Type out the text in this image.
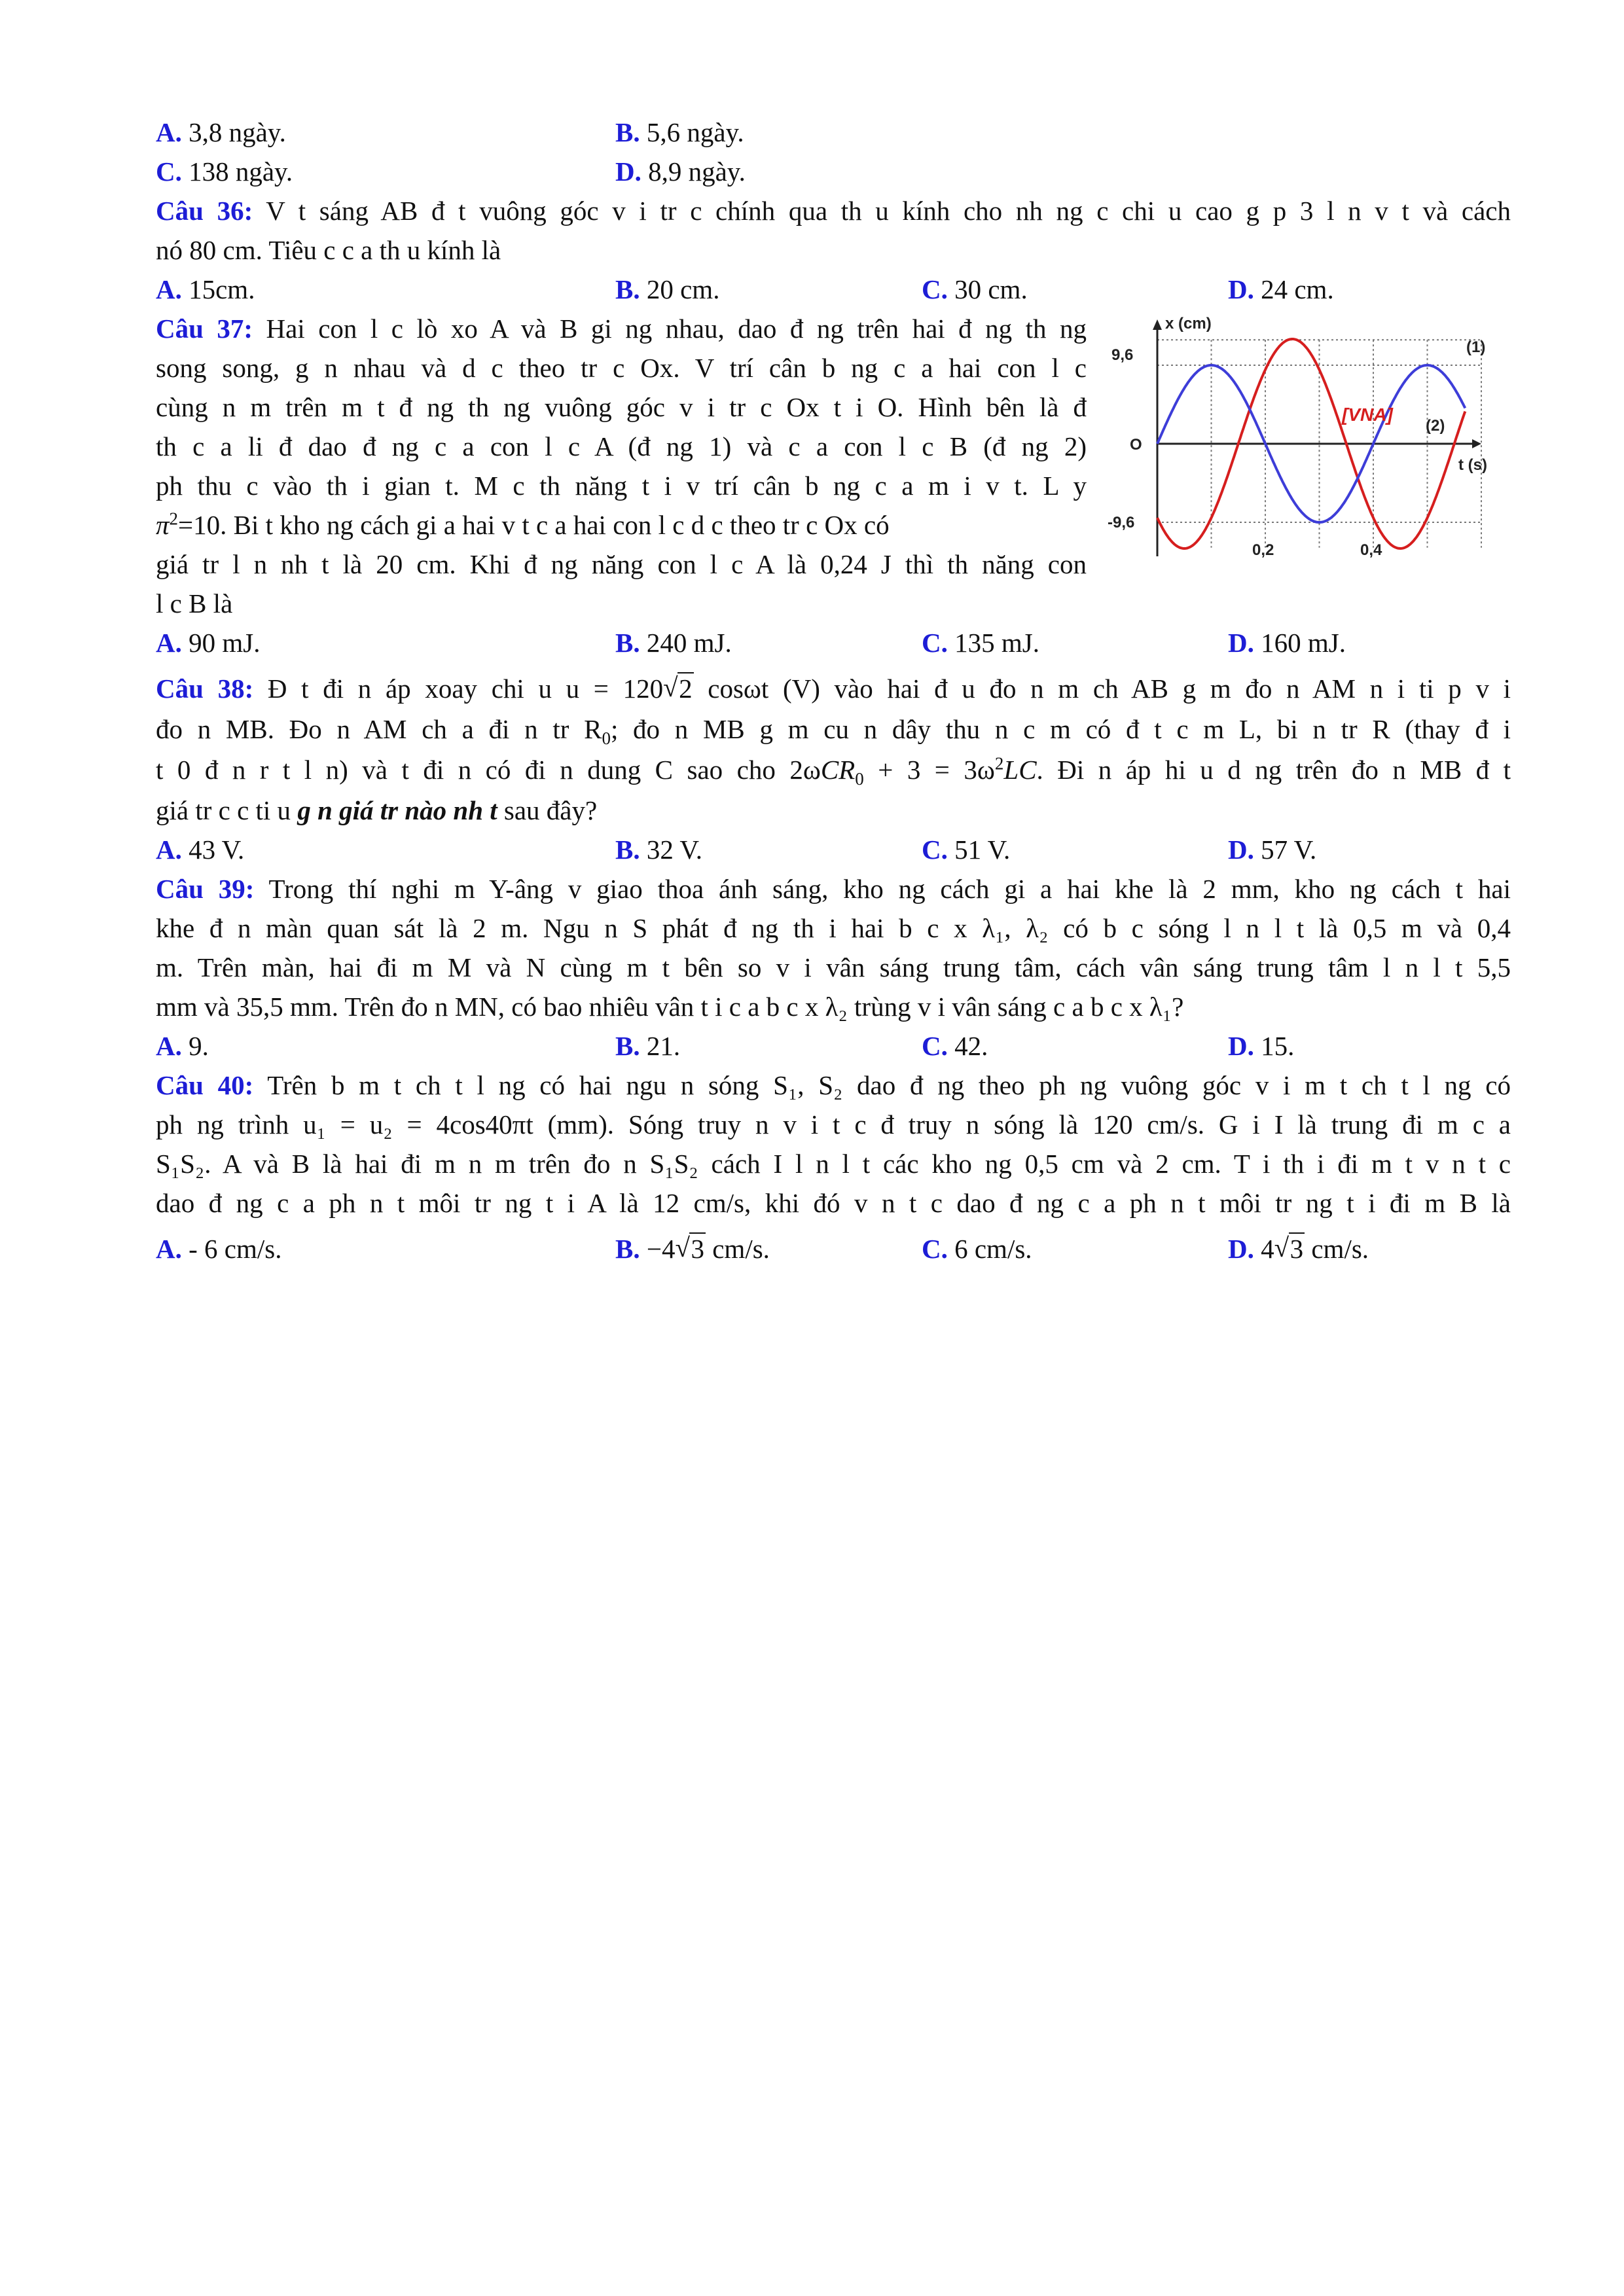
A. 3,8 ngày.	B. 5,6 ngày.
C. 138 ngày.	D. 8,9 ngày.
Câu 36: V t sáng AB đ t vuông góc v i tr c chính qua th u kính cho nh ng c chi u cao g p 3 l n v t và cách
nó 80 cm. Tiêu c c a th u kính là
A. 15cm.	B. 20 cm.	C. 30 cm.	D. 24 cm.
Câu 37: Hai con l c lò xo A và B gi ng nhau, dao đ ng trên hai đ ng th ng
song song, g n nhau và d c theo tr c Ox. V trí cân b ng c a hai con l c
cùng n m trên m t đ ng th ng vuông góc v i tr c Ox t i O. Hình bên là đ
th c a li đ dao đ ng c a con l c A (đ ng 1) và c a con l c B (đ ng 2)
ph thu c vào th i gian t. M c th năng t i v trí cân b ng c a m i v t. L y
$\pi^2=10$. Bi t kho ng cách gi a hai v t c a hai con l c d c theo tr c Ox có
giá tr l n nh t là 20 cm. Khi đ ng năng con l c A là 0,24 J thì th năng con
l c B là
A. 90 mJ.	B. 240 mJ.	C. 135 mJ.	D. 160 mJ.
x (cm)
t (s)
O
9,6
-9,6
0,2	0,4
(1)
(2)
[VNA]
Câu 38: Đ t đi n áp xoay chi u u = 120 √ 2 cosωt (V) vào hai đ u đo n m ch AB g m đo n AM n i ti p v i
đo n MB. Đo n AM ch a đi n tr $R_0$; đo n MB g m cu n dây thu n c m có đ t c m L, bi n tr R (thay đ i
t 0 đ n r t l n) và t đi n có đi n dung C sao cho $2\omega CR_0 + 3 = 3\omega^2LC$. Đi n áp hi u d ng trên đo n MB đ t
giá tr c c ti u g n giá tr nào nh t sau đây?
A. 43 V.	B. 32 V.	C. 51 V.	D. 57 V.
Câu 39: Trong thí nghi m Y-âng v giao thoa ánh sáng, kho ng cách gi a hai khe là 2 mm, kho ng cách t hai
khe đ n màn quan sát là 2 m. Ngu n S phát đ ng th i hai b c x λ₁, λ₂ có b c sóng l n l t là 0,5 m và 0,4
m. Trên màn, hai đi m M và N cùng m t bên so v i vân sáng trung tâm, cách vân sáng trung tâm l n l t 5,5
mm và 35,5 mm. Trên đo n MN, có bao nhiêu vân t i c a b c x λ₂ trùng v i vân sáng c a b c x λ₁?
A. 9.	B. 21.	C. 42.	D. 15.
Câu 40: Trên b m t ch t l ng có hai ngu n sóng S₁, S₂ dao đ ng theo ph ng vuông góc v i m t ch t l ng có
ph ng trình u₁ = u₂ = 4cos40πt (mm). Sóng truy n v i t c đ truy n sóng là 120 cm/s. G i I là trung đi m c a
S₁S₂. A và B là hai đi m n m trên đo n S₁S₂ cách I l n l t các kho ng 0,5 cm và 2 cm. T i th i đi m t v n t c
dao đ ng c a ph n t môi tr ng t i A là 12 cm/s, khi đó v n t c dao đ ng c a ph n t môi tr ng t i đi m B là
A. - 6 cm/s.	B. −4 √ 3 cm/s.	C. 6 cm/s.	D. 4 √ 3 cm/s.
